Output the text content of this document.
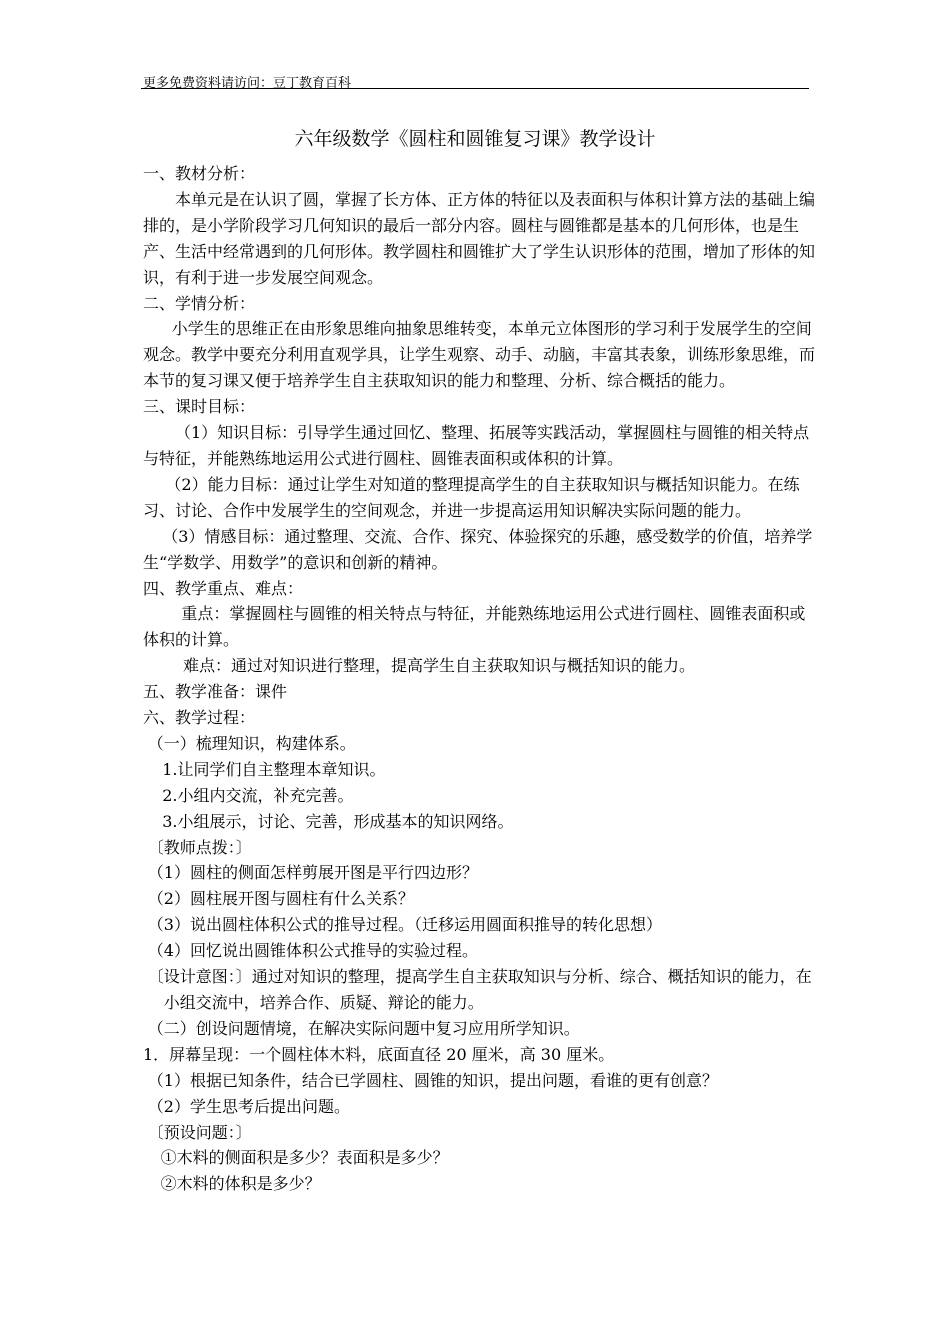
更多免费资料请访问：豆丁教育百科
六年级数学《圆柱和圆锥复习课》教学设计
一、教材分析：
本单元是在认识了圆，掌握了长方体、正方体的特征以及表面积与体积计算方法的基础上编排的，是小学阶段学习几何知识的最后一部分内容。圆柱与圆锥都是基本的几何形体，也是生产、生活中经常遇到的几何形体。教学圆柱和圆锥扩大了学生认识形体的范围，增加了形体的知识，有利于进一步发展空间观念。
二、学情分析：
小学生的思维正在由形象思维向抽象思维转变，本单元立体图形的学习利于发展学生的空间观念。教学中要充分利用直观学具，让学生观察、动手、动脑，丰富其表象，训练形象思维，而本节的复习课又便于培养学生自主获取知识的能力和整理、分析、综合概括的能力。
三、课时目标：
（1）知识目标：引导学生通过回忆、整理、拓展等实践活动，掌握圆柱与圆锥的相关特点与特征，并能熟练地运用公式进行圆柱、圆锥表面积或体积的计算。
（2）能力目标：通过让学生对知道的整理提高学生的自主获取知识与概括知识能力。在练习、讨论、合作中发展学生的空间观念，并进一步提高运用知识解决实际问题的能力。
（3）情感目标：通过整理、交流、合作、探究、体验探究的乐趣，感受数学的价值，培养学生“学数学、用数学”的意识和创新的精神。
四、教学重点、难点：
重点：掌握圆柱与圆锥的相关特点与特征，并能熟练地运用公式进行圆柱、圆锥表面积或体积的计算。
难点：通过对知识进行整理，提高学生自主获取知识与概括知识的能力。
五、教学准备：课件
六、教学过程：
（一）梳理知识，构建体系。
1.让同学们自主整理本章知识。
2.小组内交流，补充完善。
3.小组展示，讨论、完善，形成基本的知识网络。
〔教师点拨：〕
（1）圆柱的侧面怎样剪展开图是平行四边形？
（2）圆柱展开图与圆柱有什么关系？
（3）说出圆柱体积公式的推导过程。（迁移运用圆面积推导的转化思想）
（4）回忆说出圆锥体积公式推导的实验过程。
〔设计意图：〕通过对知识的整理，提高学生自主获取知识与分析、综合、概括知识的能力，在小组交流中，培养合作、质疑、辩论的能力。
（二）创设问题情境，在解决实际问题中复习应用所学知识。
1．屏幕呈现：一个圆柱体木料，底面直径 20 厘米，高 30 厘米。
（1）根据已知条件，结合已学圆柱、圆锥的知识，提出问题，看谁的更有创意？
（2）学生思考后提出问题。
〔预设问题：〕
①木料的侧面积是多少？表面积是多少？
②木料的体积是多少？
